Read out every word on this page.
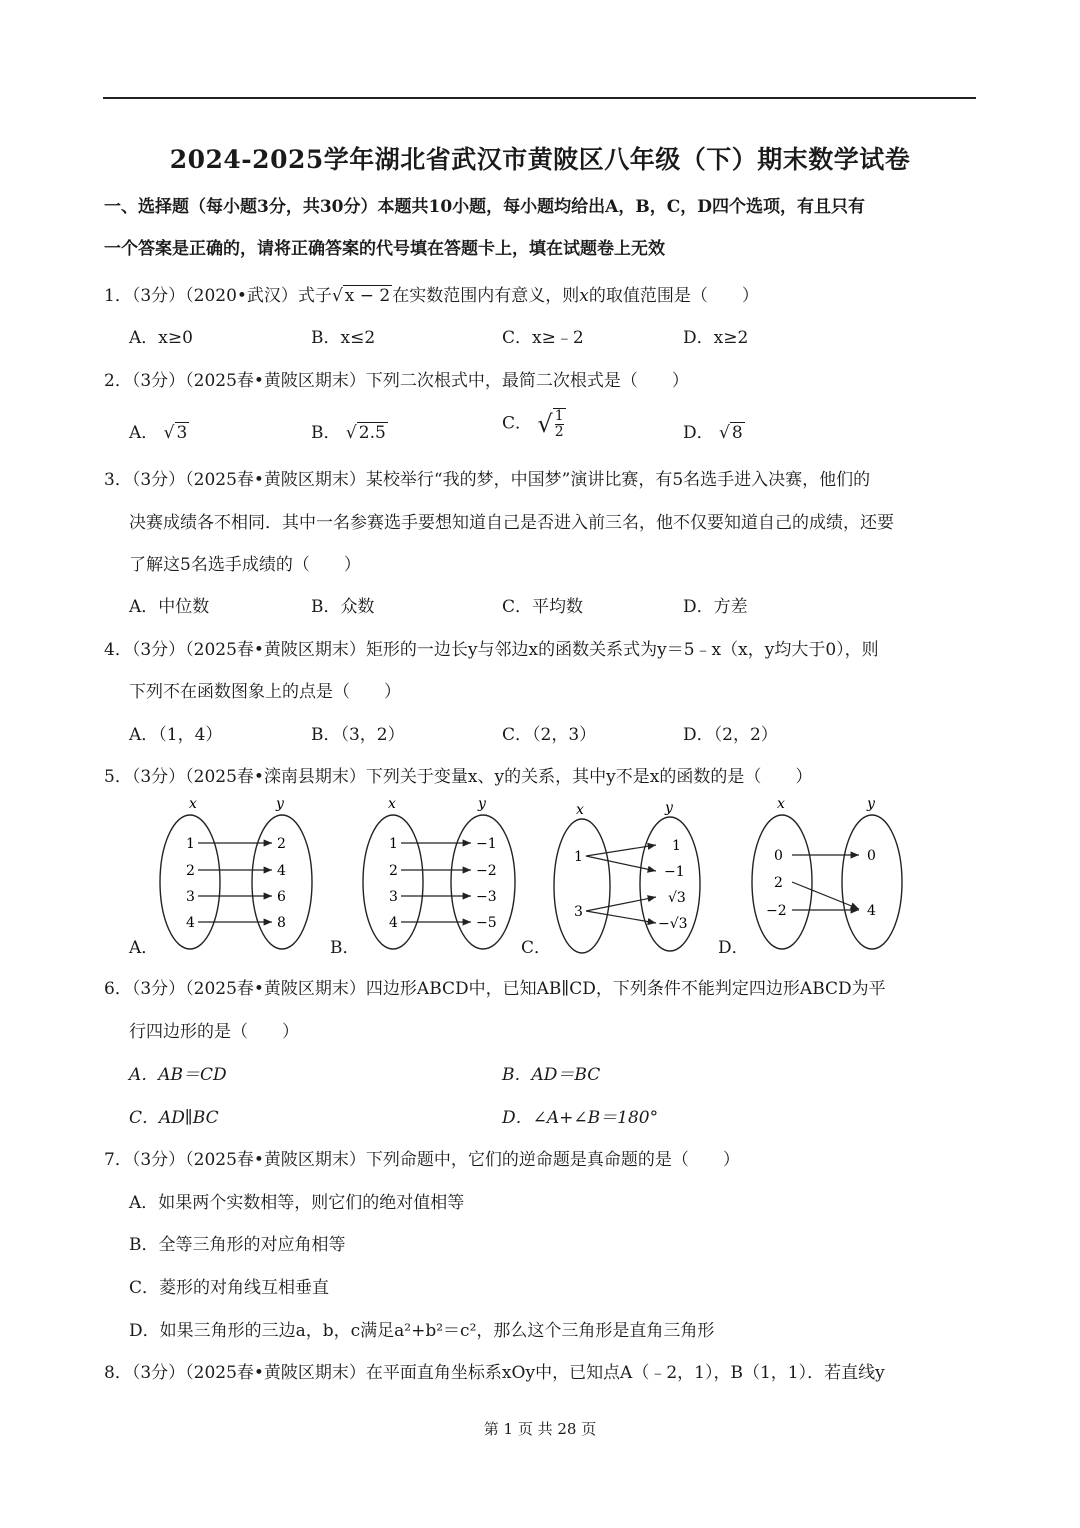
2024-2025学年湖北省武汉市黄陂区八年级（下）期末数学试卷
一、选择题（每小题3分，共30分）本题共10小题，每小题均给出A，B，C，D四个选项，有且只有
一个答案是正确的，请将正确答案的代号填在答题卡上，填在试题卷上无效
1．（3分）（2020•武汉）式子√ x − 2 在实数范围内有意义，则x的取值范围是（　　）
A．x≥0	B．x≤2	C．x≥﹣2	D．x≥2
2．（3分）（2025春•黄陂区期末）下列二次根式中，最简二次根式是（　　）
A． √ 3	B． √ 2.5	C． √ $\frac{1}{2}$	D． √ 8
3．（3分）（2025春•黄陂区期末）某校举行“我的梦，中国梦”演讲比赛，有5名选手进入决赛，他们的
决赛成绩各不相同．其中一名参赛选手要想知道自己是否进入前三名，他不仅要知道自己的成绩，还要
了解这5名选手成绩的（　　）
A．中位数	B．众数	C．平均数	D．方差
4．（3分）（2025春•黄陂区期末）矩形的一边长y与邻边x的函数关系式为y＝5﹣x（x，y均大于0），则
下列不在函数图象上的点是（　　）
A．（1，4）	B．（3，2）	C．（2，3）	D．（2，2）
5．（3分）（2025春•滦南县期末）下列关于变量x、y的关系，其中y不是x的函数的是（　　）
A．	B．	C．	D．
x	y
1
2
3
4
2
4
6
8
x	y
1
2
3
4
−1
−2
−3
−5
x	y
1
3
1
−1
√3
−√3
x	y
0
2
−2
0
4
6．（3分）（2025春•黄陂区期末）四边形ABCD中，已知AB∥CD，下列条件不能判定四边形ABCD为平
行四边形的是（　　）
A．AB＝CD	B．AD＝BC
C．AD∥BC	D．∠A+∠B＝180°
7．（3分）（2025春•黄陂区期末）下列命题中，它们的逆命题是真命题的是（　　）
A．如果两个实数相等，则它们的绝对值相等
B．全等三角形的对应角相等
C．菱形的对角线互相垂直
D．如果三角形的三边a，b，c满足a²+b²＝c²，那么这个三角形是直角三角形
8．（3分）（2025春•黄陂区期末）在平面直角坐标系xOy中，已知点A（﹣2，1），B（1，1）．若直线y
第 1 页 共 28 页
